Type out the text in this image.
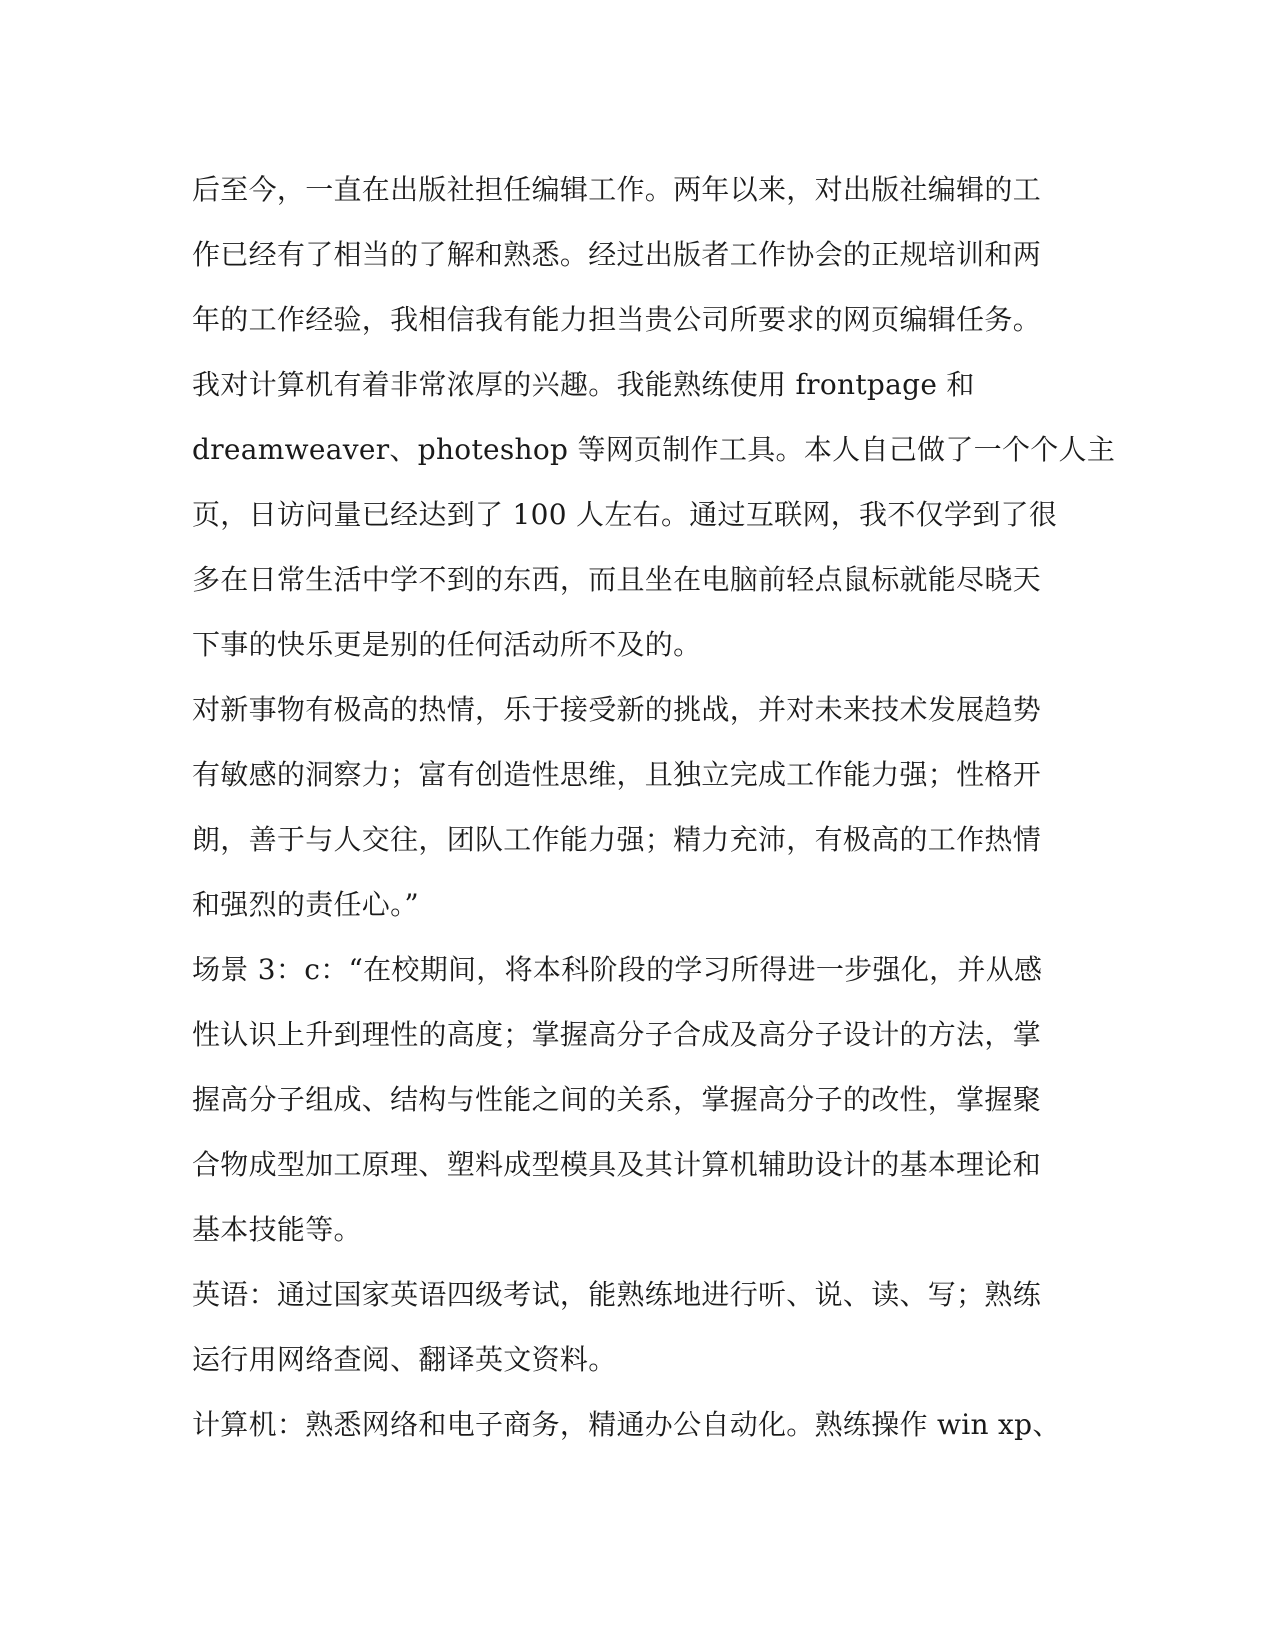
后至今，一直在出版社担任编辑工作。两年以来，对出版社编辑的工
作已经有了相当的了解和熟悉。经过出版者工作协会的正规培训和两
年的工作经验，我相信我有能力担当贵公司所要求的网页编辑任务。
我对计算机有着非常浓厚的兴趣。我能熟练使用 frontpage 和
dreamweaver、photeshop 等网页制作工具。本人自己做了一个个人主
页，日访问量已经达到了 100 人左右。通过互联网，我不仅学到了很
多在日常生活中学不到的东西，而且坐在电脑前轻点鼠标就能尽晓天
下事的快乐更是别的任何活动所不及的。
对新事物有极高的热情，乐于接受新的挑战，并对未来技术发展趋势
有敏感的洞察力；富有创造性思维，且独立完成工作能力强；性格开
朗，善于与人交往，团队工作能力强；精力充沛，有极高的工作热情
和强烈的责任心。”
场景 3：c：“在校期间，将本科阶段的学习所得进一步强化，并从感
性认识上升到理性的高度；掌握高分子合成及高分子设计的方法，掌
握高分子组成、结构与性能之间的关系，掌握高分子的改性，掌握聚
合物成型加工原理、塑料成型模具及其计算机辅助设计的基本理论和
基本技能等。
英语：通过国家英语四级考试，能熟练地进行听、说、读、写；熟练
运行用网络查阅、翻译英文资料。
计算机：熟悉网络和电子商务，精通办公自动化。熟练操作 win xp、
